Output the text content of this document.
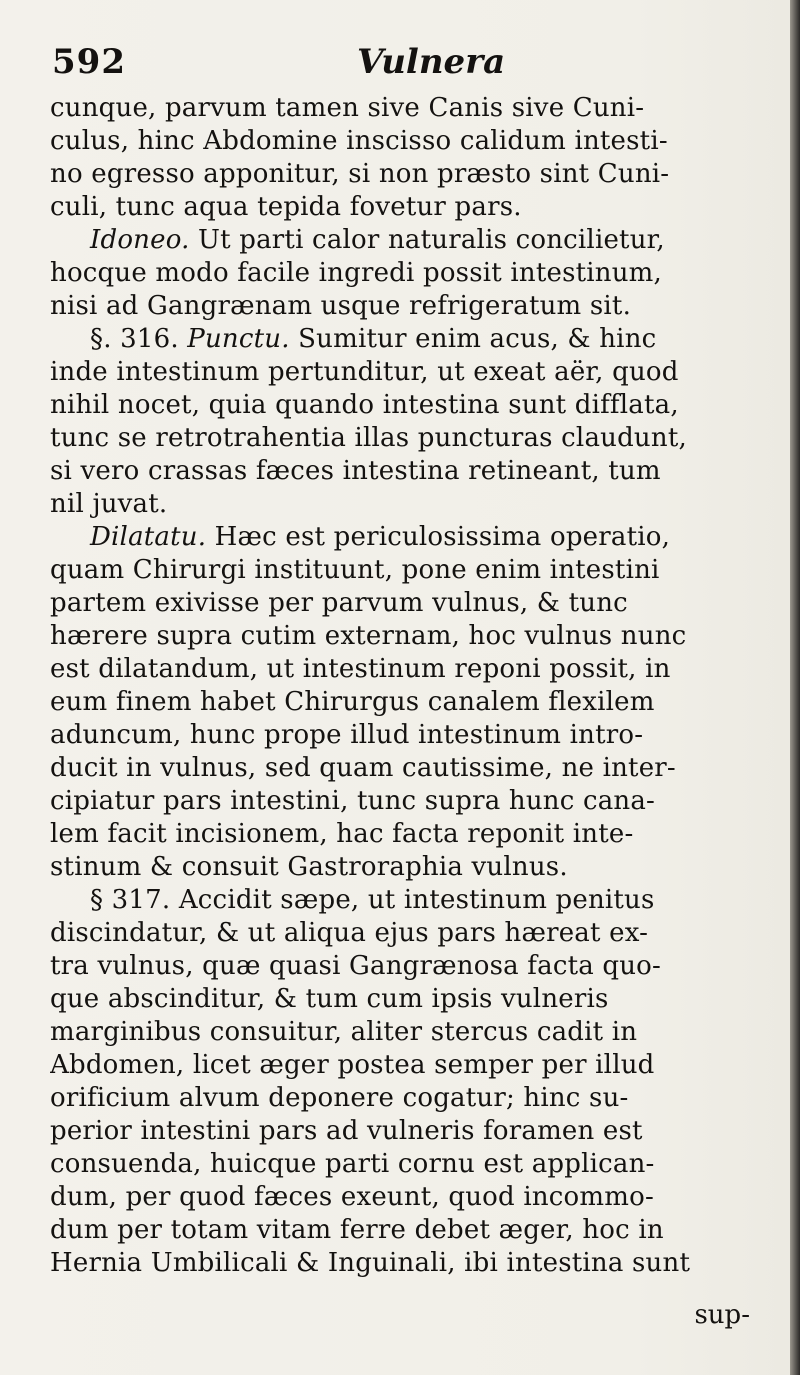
592	Vulnera
cunque, parvum tamen sive Canis sive Cuni-
culus, hinc Abdomine inscisso calidum intesti-
no egresso apponitur, si non præsto sint Cuni-
culi, tunc aqua tepida fovetur pars.
Idoneo. Ut parti calor naturalis concilietur,
hocque modo facile ingredi possit intestinum,
nisi ad Gangrænam usque refrigeratum sit.
§. 316. Punctu. Sumitur enim acus, & hinc
inde intestinum pertunditur, ut exeat aër, quod
nihil nocet, quia quando intestina sunt difflata,
tunc se retrotrahentia illas puncturas claudunt,
si vero crassas fæces intestina retineant, tum
nil juvat.
Dilatatu. Hæc est periculosissima operatio,
quam Chirurgi instituunt, pone enim intestini
partem exivisse per parvum vulnus, & tunc
hærere supra cutim externam, hoc vulnus nunc
est dilatandum, ut intestinum reponi possit, in
eum finem habet Chirurgus canalem flexilem
aduncum, hunc prope illud intestinum intro-
ducit in vulnus, sed quam cautissime, ne inter-
cipiatur pars intestini, tunc supra hunc cana-
lem facit incisionem, hac facta reponit inte-
stinum & consuit Gastroraphia vulnus.
§ 317. Accidit sæpe, ut intestinum penitus
discindatur, & ut aliqua ejus pars hæreat ex-
tra vulnus, quæ quasi Gangrænosa facta quo-
que abscinditur, & tum cum ipsis vulneris
marginibus consuitur, aliter stercus cadit in
Abdomen, licet æger postea semper per illud
orificium alvum deponere cogatur; hinc su-
perior intestini pars ad vulneris foramen est
consuenda, huicque parti cornu est applican-
dum, per quod fæces exeunt, quod incommo-
dum per totam vitam ferre debet æger, hoc in
Hernia Umbilicali & Inguinali, ibi intestina sunt
sup-
